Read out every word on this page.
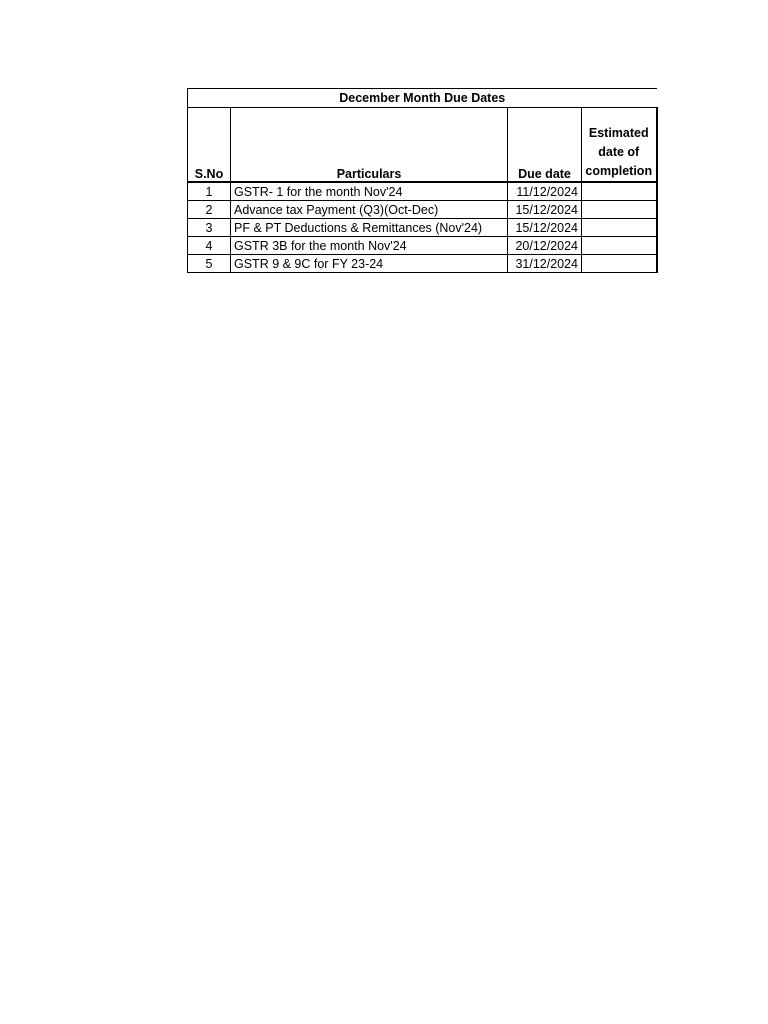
December Month Due Dates			
S.No	Particulars	Due date	Estimated date of completion
1	GSTR- 1 for the month Nov'24	11/12/2024	
2	Advance tax Payment (Q3)(Oct-Dec)	15/12/2024	
3	PF & PT Deductions & Remittances (Nov'24)	15/12/2024	
4	GSTR 3B for the month Nov'24	20/12/2024	
5	GSTR 9 & 9C for FY 23-24	31/12/2024	
